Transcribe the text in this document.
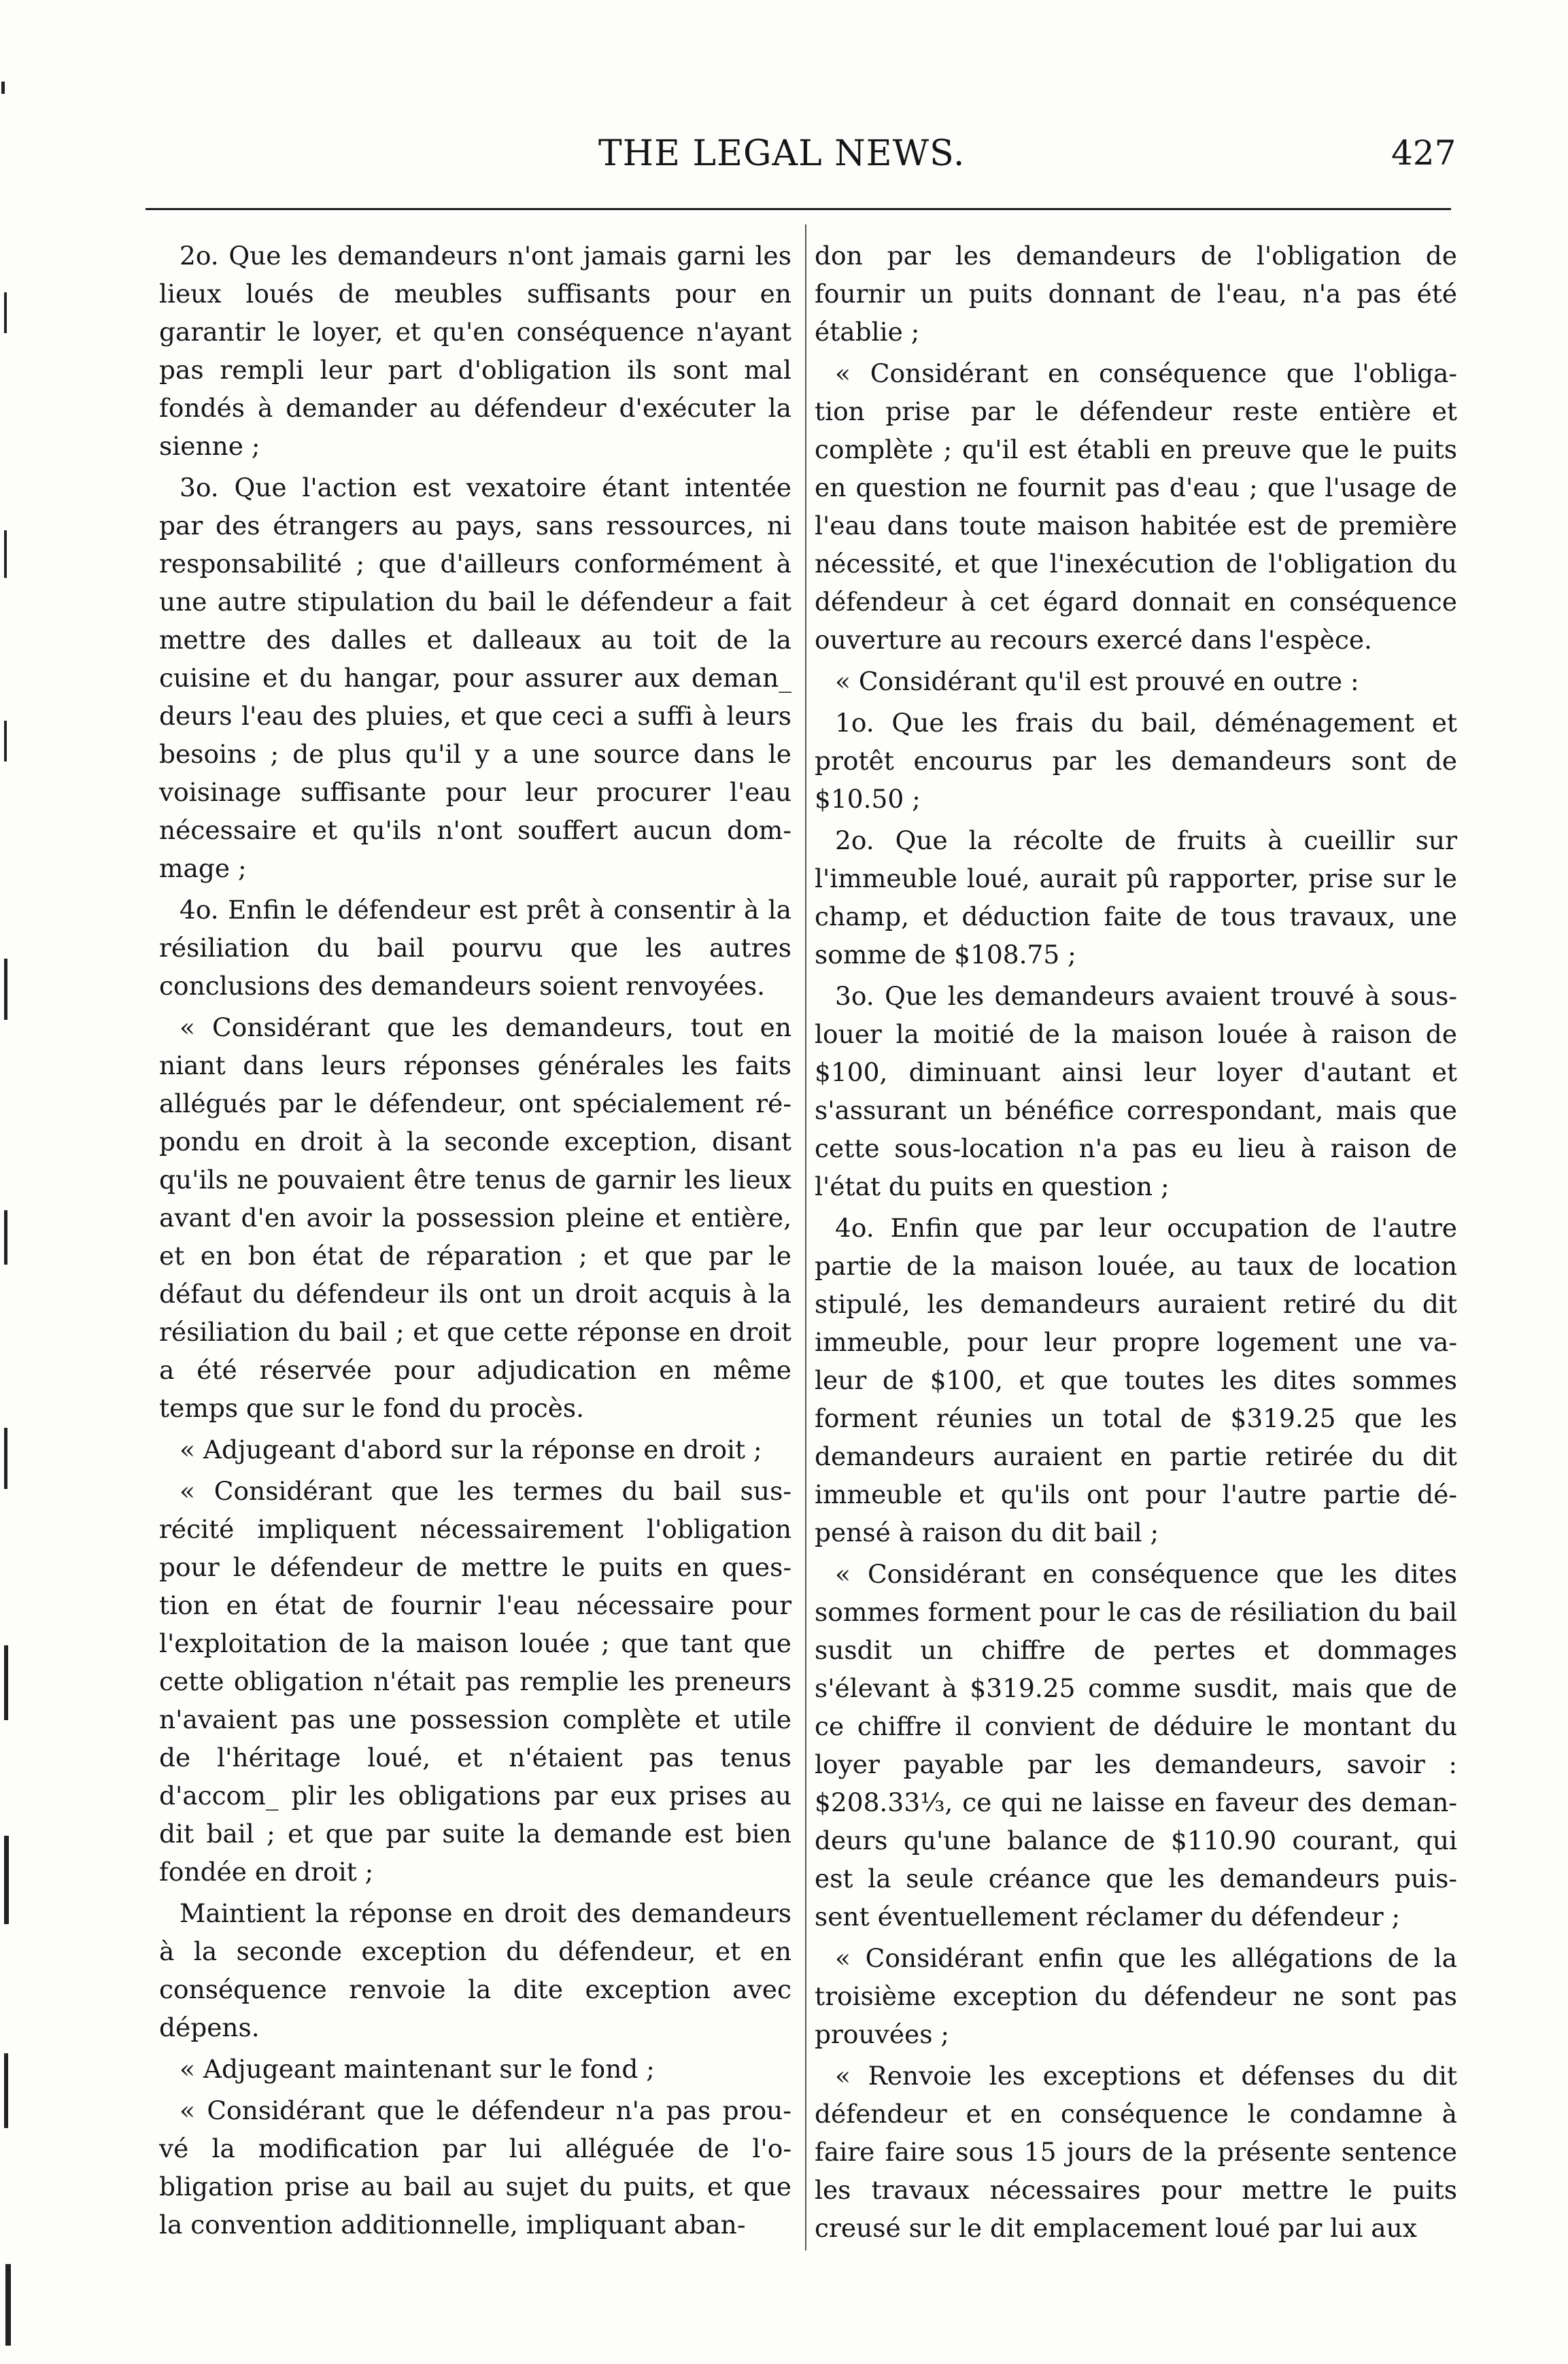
THE LEGAL NEWS.	427

2o. Que les demandeurs n'ont jamais garni les lieux loués de meubles suffisants pour en garantir le loyer, et qu'en conséquence n'ayant pas rempli leur part d'obligation ils sont mal fondés à demander au défendeur d'exécuter la sienne ;

3o. Que l'action est vexatoire étant intentée par des étrangers au pays, sans ressources, ni responsabilité ; que d'ailleurs conformément à une autre stipulation du bail le défendeur a fait mettre des dalles et dalleaux au toit de la cuisine et du hangar, pour assurer aux deman_ deurs l'eau des pluies, et que ceci a suffi à leurs besoins ; de plus qu'il y a une source dans le voisinage suffisante pour leur procurer l'eau nécessaire et qu'ils n'ont souffert aucun dom- mage ;

4o. Enfin le défendeur est prêt à consentir à la résiliation du bail pourvu que les autres conclusions des demandeurs soient renvoyées.

« Considérant que les demandeurs, tout en niant dans leurs réponses générales les faits allégués par le défendeur, ont spécialement ré- pondu en droit à la seconde exception, disant qu'ils ne pouvaient être tenus de garnir les lieux avant d'en avoir la possession pleine et entière, et en bon état de réparation ; et que par le défaut du défendeur ils ont un droit acquis à la résiliation du bail ; et que cette réponse en droit a été réservée pour adjudication en même temps que sur le fond du procès.

« Adjugeant d'abord sur la réponse en droit ;

« Considérant que les termes du bail sus- récité impliquent nécessairement l'obligation pour le défendeur de mettre le puits en ques- tion en état de fournir l'eau nécessaire pour l'exploitation de la maison louée ; que tant que cette obligation n'était pas remplie les preneurs n'avaient pas une possession complète et utile de l'héritage loué, et n'étaient pas tenus d'accom_ plir les obligations par eux prises au dit bail ; et que par suite la demande est bien fondée en droit ;

Maintient la réponse en droit des demandeurs à la seconde exception du défendeur, et en conséquence renvoie la dite exception avec dépens.

« Adjugeant maintenant sur le fond ;

« Considérant que le défendeur n'a pas prou- vé la modification par lui alléguée de l'o- bligation prise au bail au sujet du puits, et que la convention additionnelle, impliquant aban-

don par les demandeurs de l'obligation de fournir un puits donnant de l'eau, n'a pas été établie ;

« Considérant en conséquence que l'obliga- tion prise par le défendeur reste entière et complète ; qu'il est établi en preuve que le puits en question ne fournit pas d'eau ; que l'usage de l'eau dans toute maison habitée est de première nécessité, et que l'inexécution de l'obligation du défendeur à cet égard donnait en conséquence ouverture au recours exercé dans l'espèce.

« Considérant qu'il est prouvé en outre :

1o. Que les frais du bail, déménagement et protêt encourus par les demandeurs sont de $10.50 ;

2o. Que la récolte de fruits à cueillir sur l'immeuble loué, aurait pû rapporter, prise sur le champ, et déduction faite de tous travaux, une somme de $108.75 ;

3o. Que les demandeurs avaient trouvé à sous-louer la moitié de la maison louée à raison de $100, diminuant ainsi leur loyer d'autant et s'assurant un bénéfice correspondant, mais que cette sous-location n'a pas eu lieu à raison de l'état du puits en question ;

4o. Enfin que par leur occupation de l'autre partie de la maison louée, au taux de location stipulé, les demandeurs auraient retiré du dit immeuble, pour leur propre logement une va- leur de $100, et que toutes les dites sommes forment réunies un total de $319.25 que les demandeurs auraient en partie retirée du dit immeuble et qu'ils ont pour l'autre partie dé- pensé à raison du dit bail ;

« Considérant en conséquence que les dites sommes forment pour le cas de résiliation du bail susdit un chiffre de pertes et dommages s'élevant à $319.25 comme susdit, mais que de ce chiffre il convient de déduire le montant du loyer payable par les demandeurs, savoir : $208.33⅓, ce qui ne laisse en faveur des deman- deurs qu'une balance de $110.90 courant, qui est la seule créance que les demandeurs puis- sent éventuellement réclamer du défendeur ;

« Considérant enfin que les allégations de la troisième exception du défendeur ne sont pas prouvées ;

« Renvoie les exceptions et défenses du dit défendeur et en conséquence le condamne à faire faire sous 15 jours de la présente sentence les travaux nécessaires pour mettre le puits creusé sur le dit emplacement loué par lui aux
